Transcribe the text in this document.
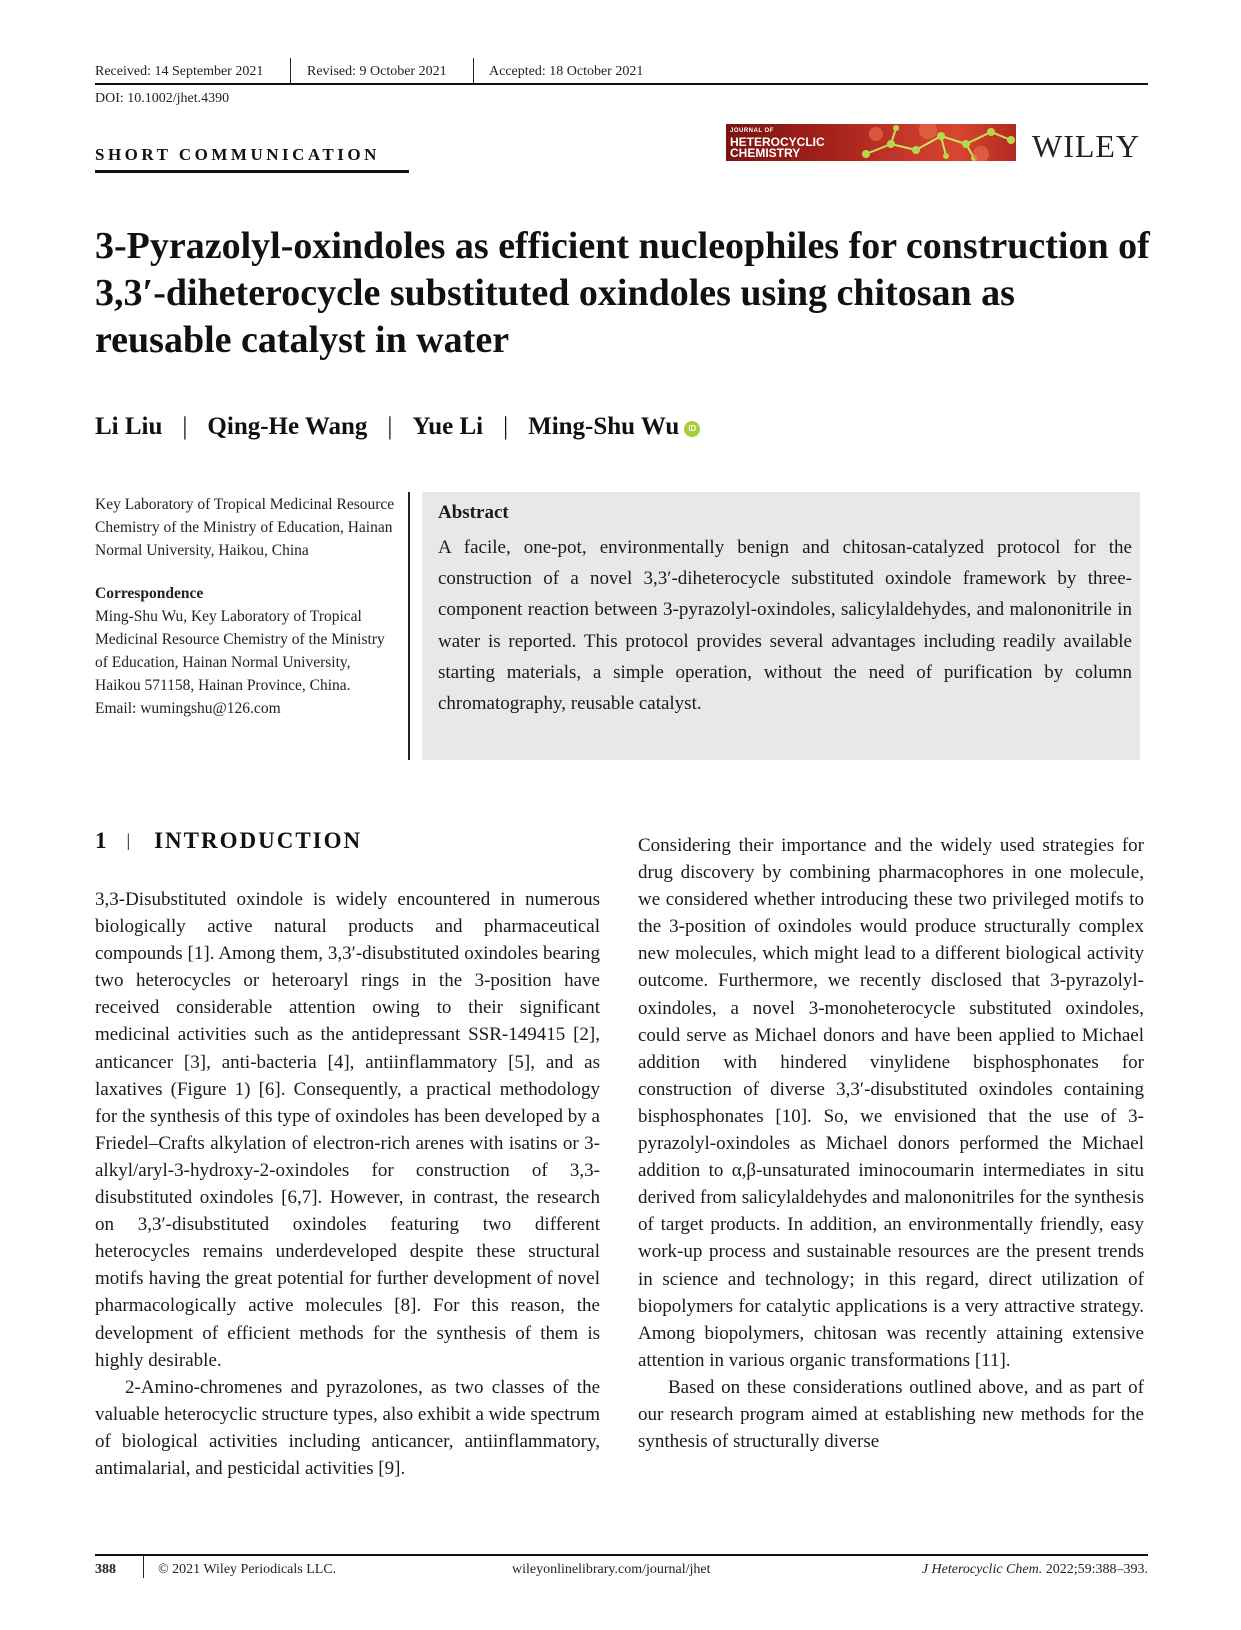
Received: 14 September 2021	Revised: 9 October 2021	Accepted: 18 October 2021
DOI: 10.1002/jhet.4390
SHORT COMMUNICATION
JOURNAL OF
HETEROCYCLIC
CHEMISTRY	WILEY
3-Pyrazolyl-oxindoles as efficient nucleophiles for construction of 3,3′-diheterocycle substituted oxindoles using chitosan as reusable catalyst in water
Li Liu | Qing-He Wang | Yue Li | Ming-Shu Wu iD

Key Laboratory of Tropical Medicinal Resource Chemistry of the Ministry of Education, Hainan Normal University, Haikou, China

Correspondence

Ming-Shu Wu, Key Laboratory of Tropical Medicinal Resource Chemistry of the Ministry of Education, Hainan Normal University, Haikou 571158, Hainan Province, China.

Email: wumingshu@126.com

Abstract

A facile, one-pot, environmentally benign and chitosan-catalyzed protocol for the construction of a novel 3,3′-diheterocycle substituted oxindole framework by three-component reaction between 3-pyrazolyl-oxindoles, salicylaldehydes, and malononitrile in water is reported. This protocol provides several advantages including readily available starting materials, a simple operation, without the need of purification by column chromatography, reusable catalyst.

1 | INTRODUCTION

3,3-Disubstituted oxindole is widely encountered in numerous biologically active natural products and pharmaceutical compounds [1]. Among them, 3,3′-disubstituted oxindoles bearing two heterocycles or heteroaryl rings in the 3-position have received considerable attention owing to their significant medicinal activities such as the antidepressant SSR-149415 [2], anticancer [3], anti-bacteria [4], antiinflammatory [5], and as laxatives (Figure 1) [6]. Consequently, a practical methodology for the synthesis of this type of oxindoles has been developed by a Friedel–Crafts alkylation of electron-rich arenes with isatins or 3-alkyl/aryl-3-hydroxy-2-oxindoles for construction of 3,3-disubstituted oxindoles [6,7]. However, in contrast, the research on 3,3′-disubstituted oxindoles featuring two different heterocycles remains underdeveloped despite these structural motifs having the great potential for further development of novel pharmacologically active molecules [8]. For this reason, the development of efficient methods for the synthesis of them is highly desirable.

2-Amino-chromenes and pyrazolones, as two classes of the valuable heterocyclic structure types, also exhibit a wide spectrum of biological activities including anticancer, antiinflammatory, antimalarial, and pesticidal activities [9].

Considering their importance and the widely used strategies for drug discovery by combining pharmacophores in one molecule, we considered whether introducing these two privileged motifs to the 3-position of oxindoles would produce structurally complex new molecules, which might lead to a different biological activity outcome. Furthermore, we recently disclosed that 3-pyrazolyl-oxindoles, a novel 3-monoheterocycle substituted oxindoles, could serve as Michael donors and have been applied to Michael addition with hindered vinylidene bisphosphonates for construction of diverse 3,3′-disubstituted oxindoles containing bisphosphonates [10]. So, we envisioned that the use of 3-pyrazolyl-oxindoles as Michael donors performed the Michael addition to α,β-unsaturated iminocoumarin intermediates in situ derived from salicylaldehydes and malononitriles for the synthesis of target products. In addition, an environmentally friendly, easy work-up process and sustainable resources are the present trends in science and technology; in this regard, direct utilization of biopolymers for catalytic applications is a very attractive strategy. Among biopolymers, chitosan was recently attaining extensive attention in various organic transformations [11].

Based on these considerations outlined above, and as part of our research program aimed at establishing new methods for the synthesis of structurally diverse

388	© 2021 Wiley Periodicals LLC.	wileyonlinelibrary.com/journal/jhet	J Heterocyclic Chem. 2022;59:388–393.
